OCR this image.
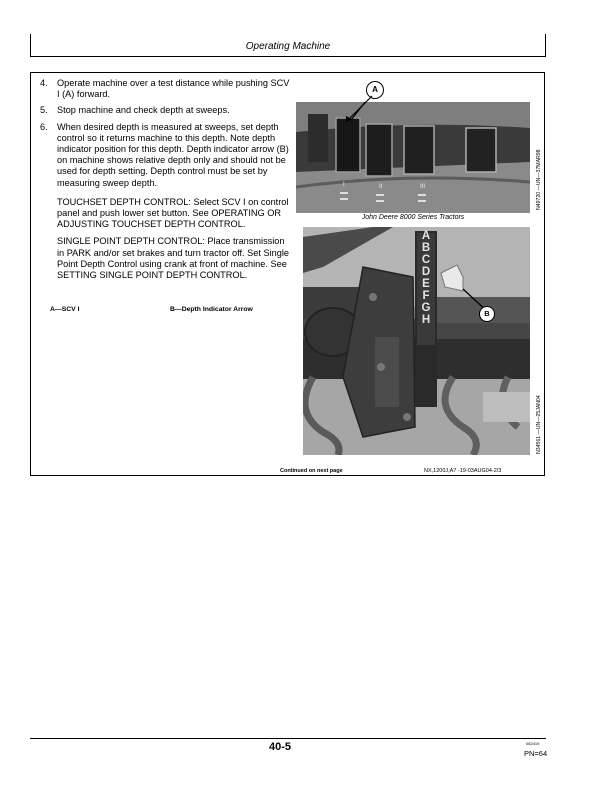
Operating Machine
4. Operate machine over a test distance while pushing SCV I (A) forward.
5. Stop machine and check depth at sweeps.
6. When desired depth is measured at sweeps, set depth control so it returns machine to this depth. Note depth indicator position for this depth. Depth indicator arrow (B) on machine shows relative depth only and should not be used for depth setting. Depth control must be set by measuring sweep depth.

TOUCHSET DEPTH CONTROL: Select SCV I on control panel and push lower set button. See OPERATING OR ADJUSTING TOUCHSET DEPTH CONTROL.

SINGLE POINT DEPTH CONTROL: Place transmission in PARK and/or set brakes and turn tractor off. Set Single Point Depth Control using crank at front of machine. See SETTING SINGLE POINT DEPTH CONTROL.

A—SCV I	B—Depth Indicator Arrow
I	II	III
A
John Deere 8000 Series Tractors
N49720 —UN—37MAR98
A
B
C
D
E
F
G
H
B
N34561 —UN—25JAN04
Continued on next page	NX,1200J,A7 -19-03AUG04-2/3
40-5	082419
PN=64
